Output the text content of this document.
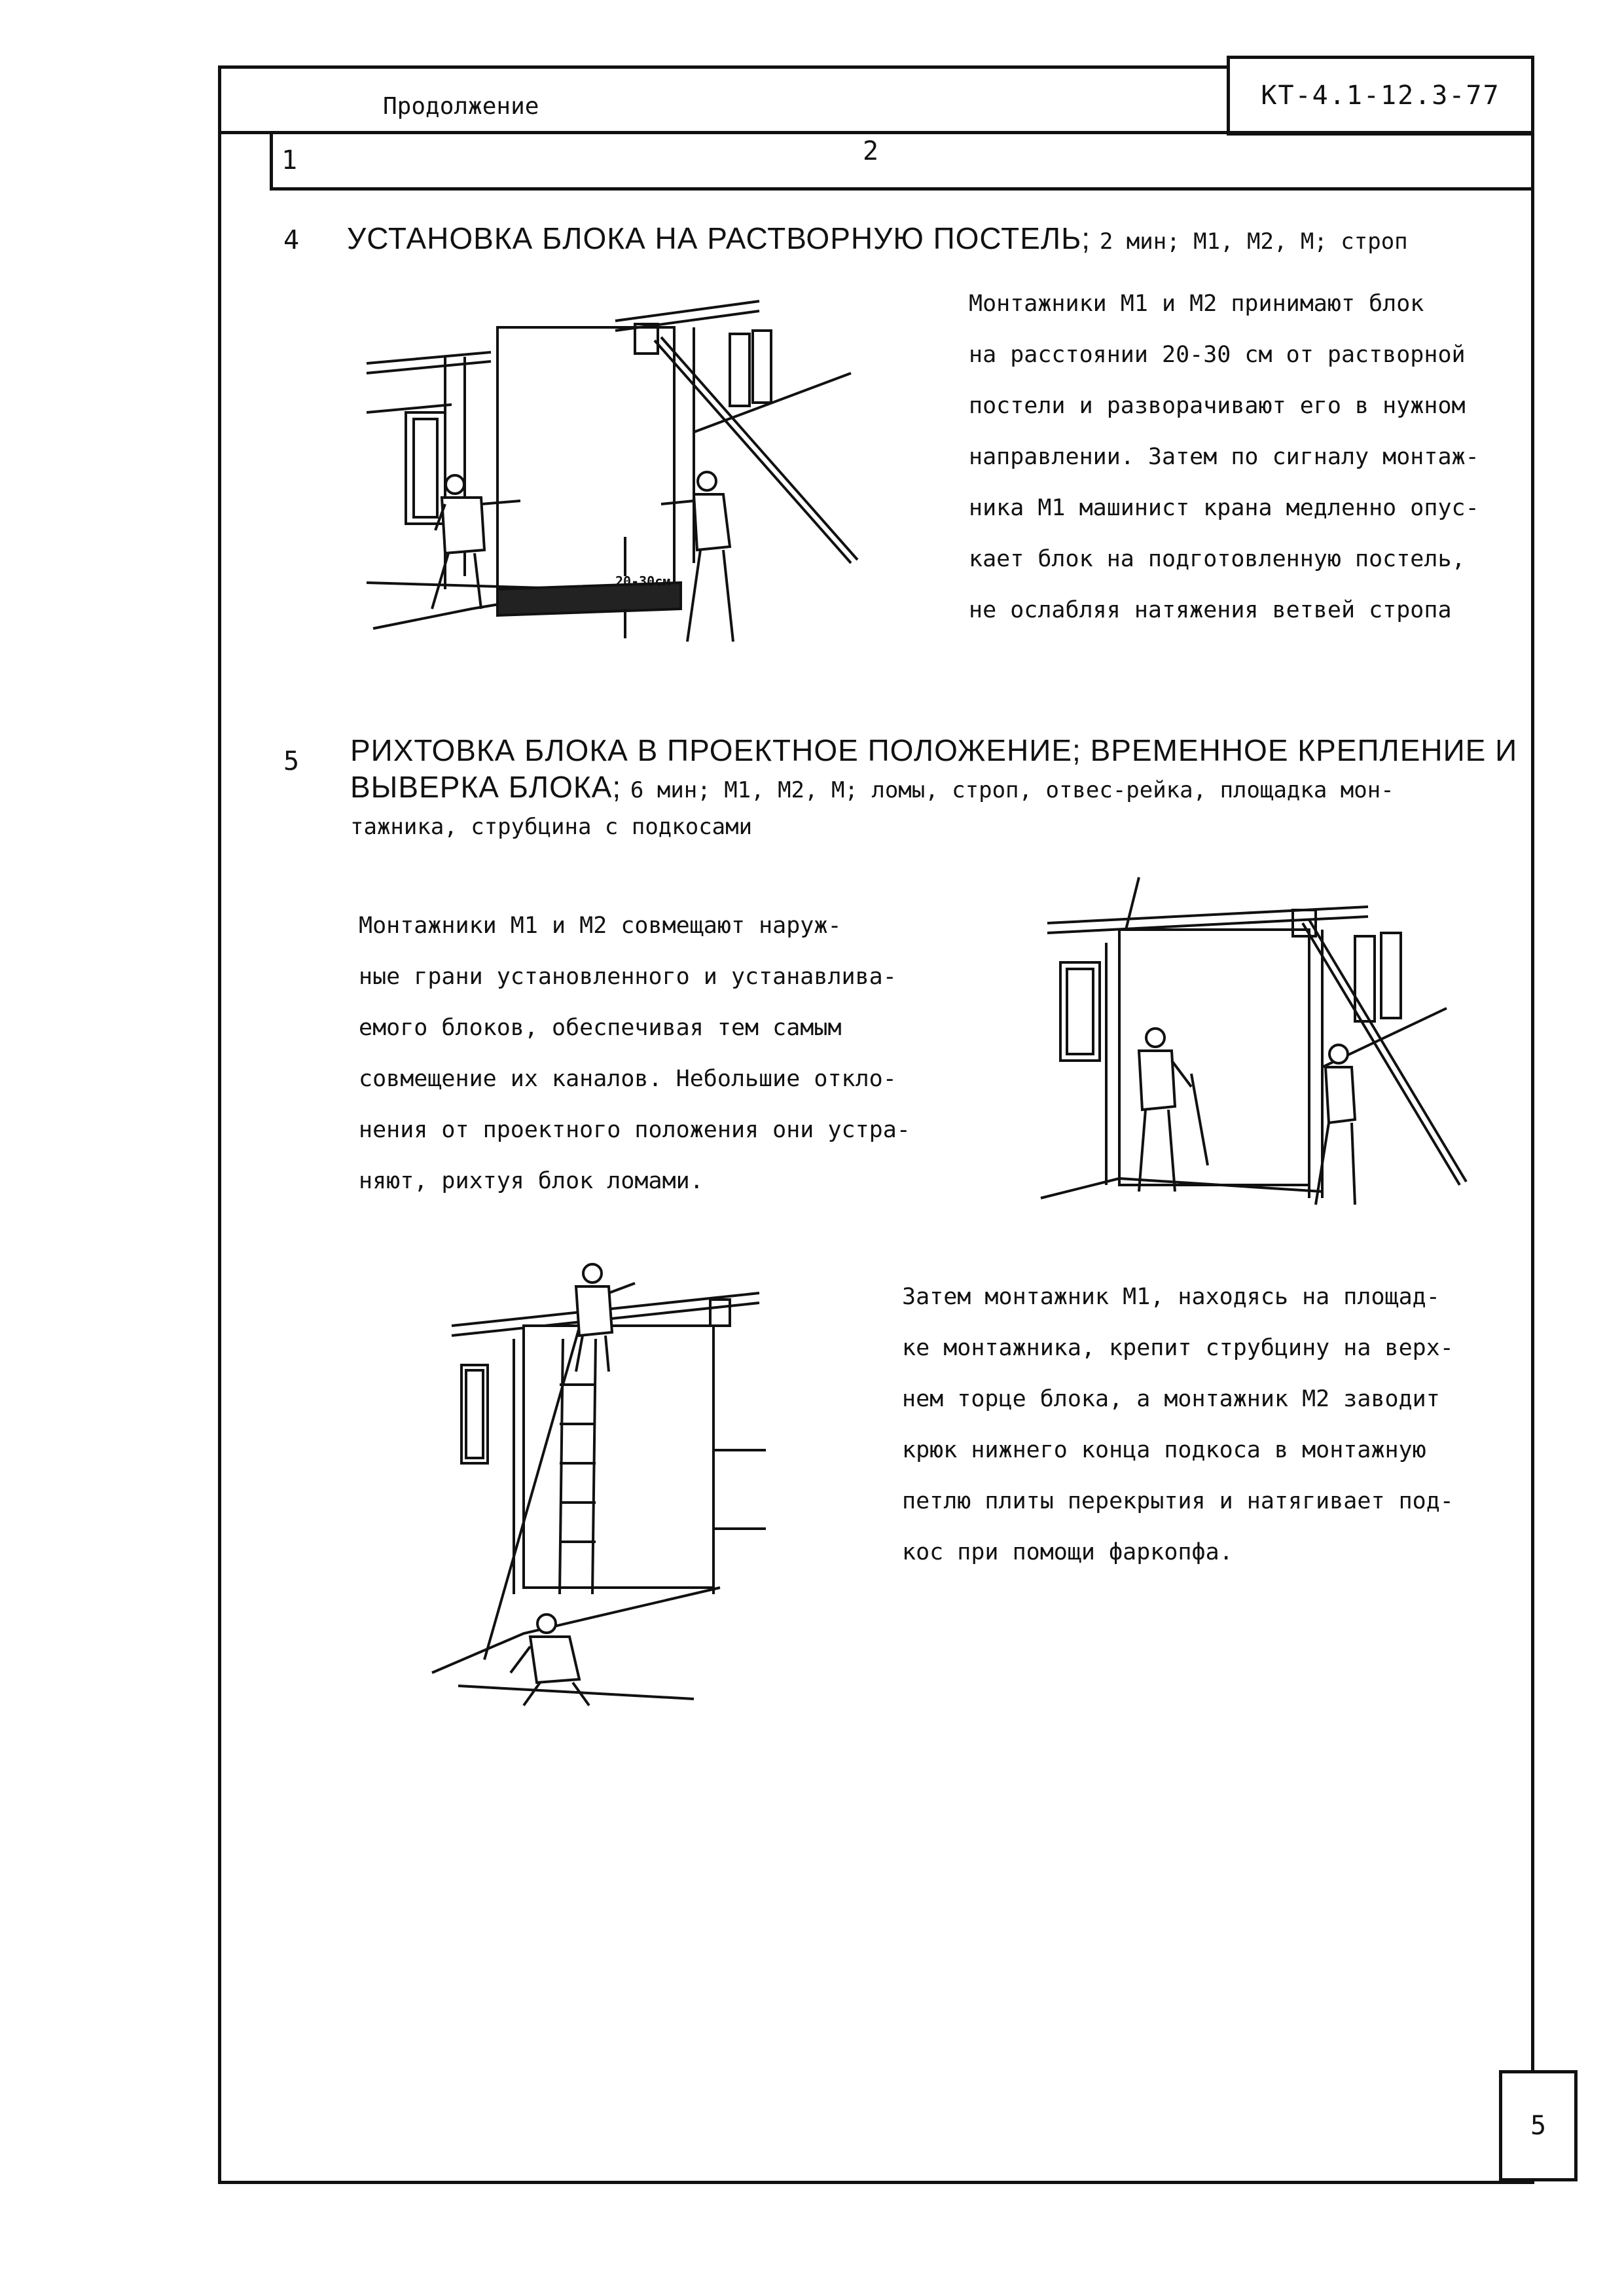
Продолжение	КТ-4.1-12.3-77
1	2
4 УСТАНОВКА БЛОКА НА РАСТВОРНУЮ ПОСТЕЛЬ; 2 мин; M1, M2, M; строп
20-30см
Монтажники М1 и М2 принимают блок
на расстоянии 20-30 см от растворной
постели и разворачивают его в нужном
направлении. Затем по сигналу монтаж-
ника М1 машинист крана медленно опус-
кает блок на подготовленную постель,
не ослабляя натяжения ветвей стропа
5 РИХТОВКА БЛОКА В ПРОЕКТНОЕ ПОЛОЖЕНИЕ; ВРЕМЕННОЕ КРЕПЛЕНИЕ И
ВЫВЕРКА БЛОКА; 6 мин; M1, M2, M; ломы, строп, отвес-рейка, площадка мон-
тажника, струбцина с подкосами
Монтажники М1 и М2 совмещают наруж-
ные грани установленного и устанавлива-
емого блоков, обеспечивая тем самым
совмещение их каналов. Небольшие откло-
нения от проектного положения они устра-
няют, рихтуя блок ломами.
Затем монтажник М1, находясь на площад-
ке монтажника, крепит струбцину на верх-
нем торце блока, а монтажник М2 заводит
крюк нижнего конца подкоса в монтажную
петлю плиты перекрытия и натягивает под-
кос при помощи фаркопфа.
5
